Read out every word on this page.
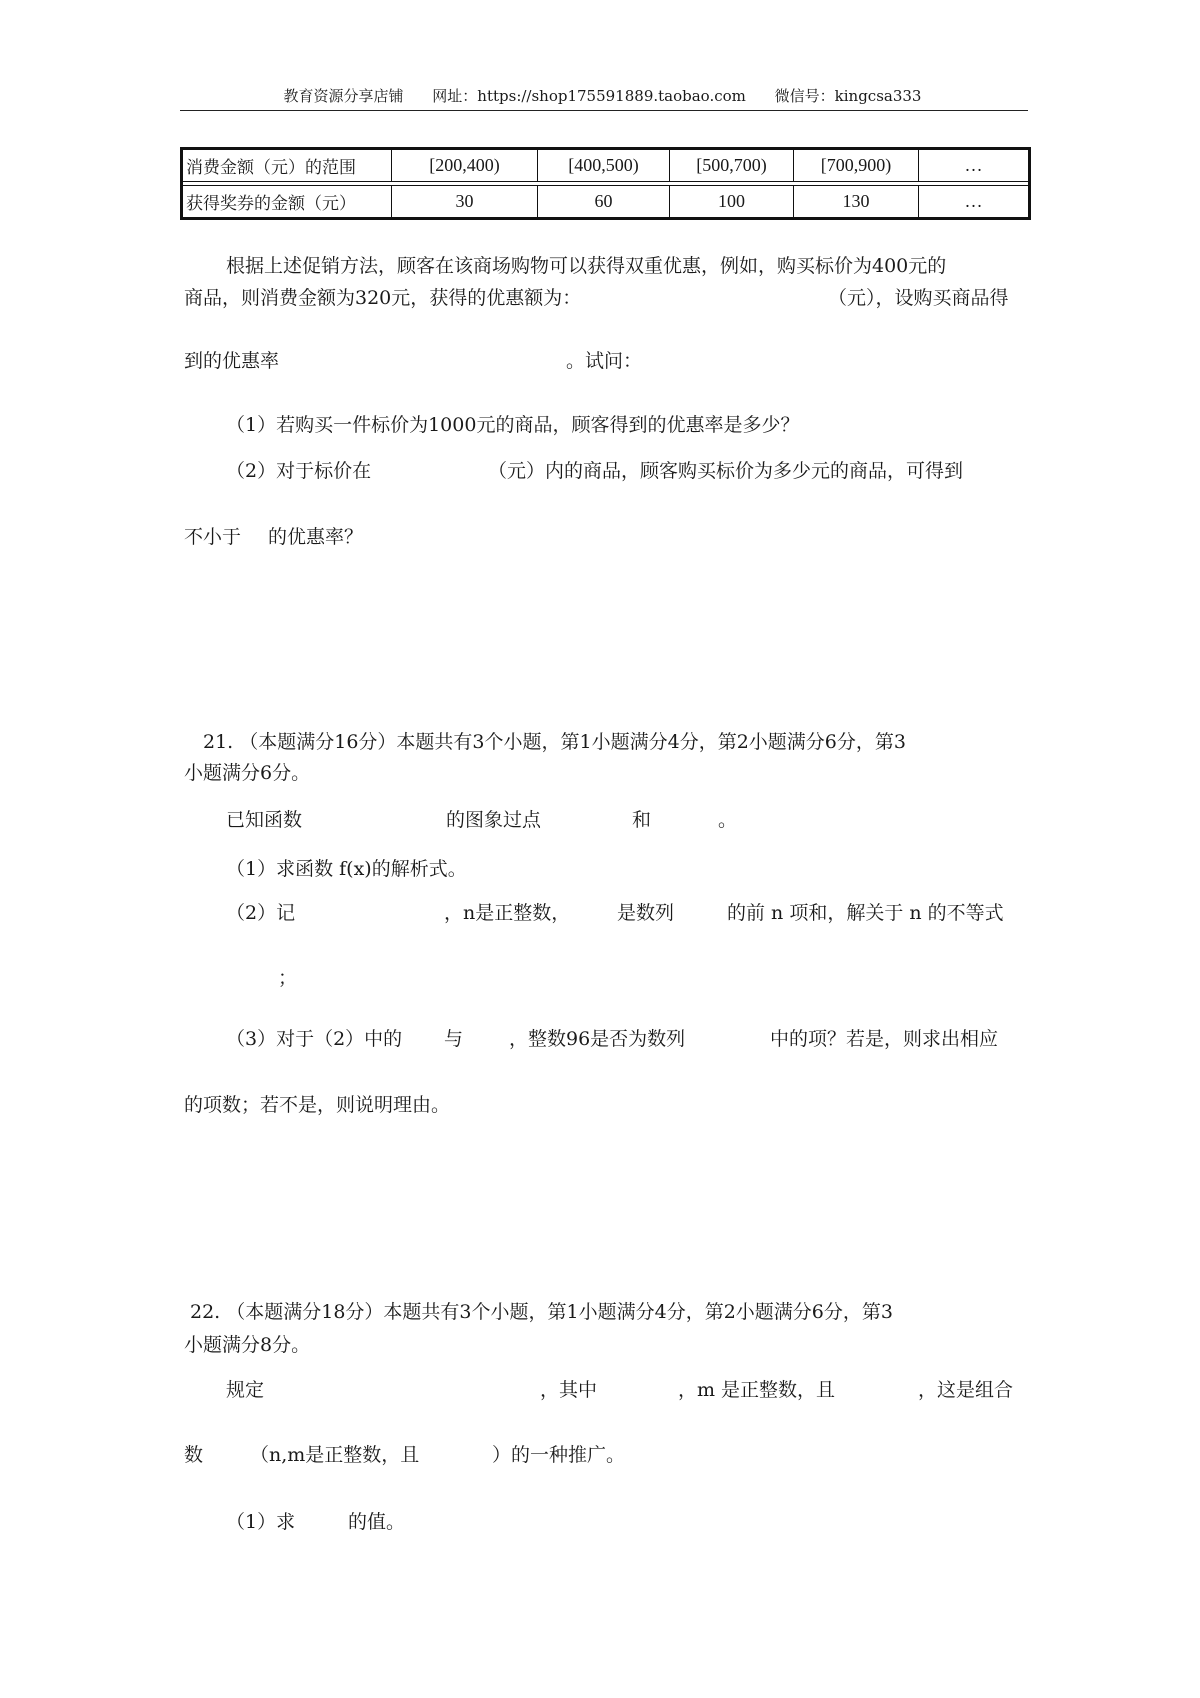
教育资源分享店铺 网址：https://shop175591889.taobao.com 微信号：kingcsa333
消费金额（元）的范围	[200,400)	[400,500)	[500,700)	[700,900)	…

获得奖券的金额（元）	30	60	100	130	…
根据上述促销方法，顾客在该商场购物可以获得双重优惠，例如，购买标价为400元的
商品，则消费金额为320元，获得的优惠额为：	（元），设购买商品得
到的优惠率	。试问：
（1）若购买一件标价为1000元的商品，顾客得到的优惠率是多少？
（2）对于标价在	（元）内的商品，顾客购买标价为多少元的商品，可得到
不小于 的优惠率？
21. （本题满分16分）本题共有3个小题，第1小题满分4分，第2小题满分6分，第3
小题满分6分。
已知函数	的图象过点	和	。
（1）求函数 f(x)的解析式。
（2）记	，n是正整数， 是数列	的前 n 项和，解关于 n 的不等式
；
（3）对于（2）中的 与 ，整数96是否为数列	中的项？若是，则求出相应
的项数；若不是，则说明理由。
22. （本题满分18分）本题共有3个小题，第1小题满分4分，第2小题满分6分，第3
小题满分8分。
规定	，其中	，m 是正整数，且	，这是组合
数 （n,m是正整数，且	）的一种推广。
（1）求	的值。
